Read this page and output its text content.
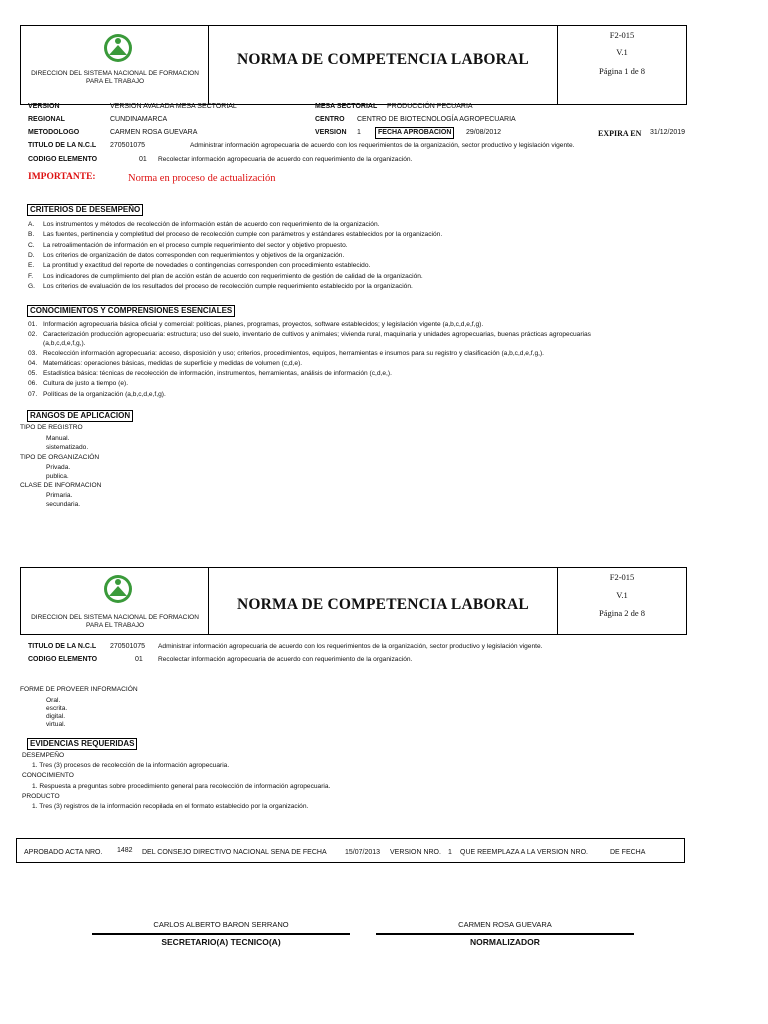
DIRECCION DEL SISTEMA NACIONAL DE FORMACION PARA EL TRABAJO
NORMA DE COMPETENCIA LABORAL
F2-015
V.1
Página 1 de 8
VERSION	VERSION AVALADA MESA SECTORIAL	MESA SECTORIAL PRODUCCIÓN PECUARIA
REGIONAL	CUNDINAMARCA	CENTRO CENTRO DE BIOTECNOLOGÍA AGROPECUARIA
METODOLOGO	CARMEN ROSA GUEVARA	VERSION 1	FECHA APROBACION	29/08/2012	EXPIRA EN 31/12/2019
TITULO DE LA N.C.L 270501075	Administrar información agropecuaria de acuerdo con los requerimientos de la organización, sector productivo y legislación vigente.
CODIGO ELEMENTO	01 Recolectar información agropecuaria de acuerdo con requerimiento de la organización.
IMPORTANTE:	Norma en proceso de actualización
CRITERIOS DE DESEMPEÑO
A. Los instrumentos y métodos de recolección de información están de acuerdo con requerimiento de la organización.
B. Las fuentes, pertinencia y completitud del proceso de recolección cumple con parámetros y estándares establecidos por la organización.
C. La retroalimentación de información en el proceso cumple requerimiento del sector y objetivo propuesto.
D. Los criterios de organización de datos corresponden con requerimientos y objetivos de la organización.
E. La prontitud y exactitud del reporte de novedades o contingencias corresponden con procedimiento establecido.
F. Los indicadores de cumplimiento del plan de acción están de acuerdo con requerimiento de gestión de calidad de la organización.
G. Los criterios de evaluación de los resultados del proceso de recolección cumple requerimiento establecido por la organización.
CONOCIMIENTOS Y COMPRENSIONES ESENCIALES
01. Información agropecuaria básica oficial y comercial: políticas, planes, programas, proyectos, software establecidos; y legislación vigente (a,b,c,d,e,f,g).
02. Caracterización producción agropecuaria: estructura; uso del suelo, inventario de cultivos y animales; vivienda rural, maquinaria y unidades agropecuarias, buenas prácticas agropecuarias
(a,b,c,d,e,f,g,).
03. Recolección información agropecuaria: acceso, disposición y uso; criterios, procedimientos, equipos, herramientas e insumos para su registro y clasificación (a,b,c,d,e,f,g,).
04. Matemáticas: operaciones básicas, medidas de superficie y medidas de volumen (c,d,e).
05. Estadística básica: técnicas de recolección de información, instrumentos, herramientas, análisis de información (c,d,e,).
06. Cultura de justo a tiempo (e).
07. Políticas de la organización (a,b,c,d,e,f,g).
RANGOS DE APLICACION
TIPO DE REGISTRO
Manual.
sistematizado.
TIPO DE ORGANIZACIÓN
Privada.
publica.
CLASE DE INFORMACION
Primaria.
secundaria.
DIRECCION DEL SISTEMA NACIONAL DE FORMACION PARA EL TRABAJO
NORMA DE COMPETENCIA LABORAL
F2-015
V.1
Página 2 de 8
TITULO DE LA N.C.L 270501075 Administrar información agropecuaria de acuerdo con los requerimientos de la organización, sector productivo y legislación vigente.
CODIGO ELEMENTO	01 Recolectar información agropecuaria de acuerdo con requerimiento de la organización.
FORME DE PROVEER INFORMACIÓN
Oral.
escrita.
digital.
virtual.
EVIDENCIAS REQUERIDAS
DESEMPEÑO
1. Tres (3) procesos de recolección de la información agropecuaria.
CONOCIMIENTO
1. Respuesta a preguntas sobre procedimiento general para recolección de información agropecuaria.
PRODUCTO
1. Tres (3) registros de la información recopilada en el formato establecido por la organización.
APROBADO ACTA NRO. 1482 DEL CONSEJO DIRECTIVO NACIONAL SENA DE FECHA	15/07/2013 VERSION NRO. 1 QUE REEMPLAZA A LA VERSION NRO.	DE FECHA
CARLOS ALBERTO BARON SERRANO
SECRETARIO(A) TECNICO(A)
CARMEN ROSA GUEVARA
NORMALIZADOR
